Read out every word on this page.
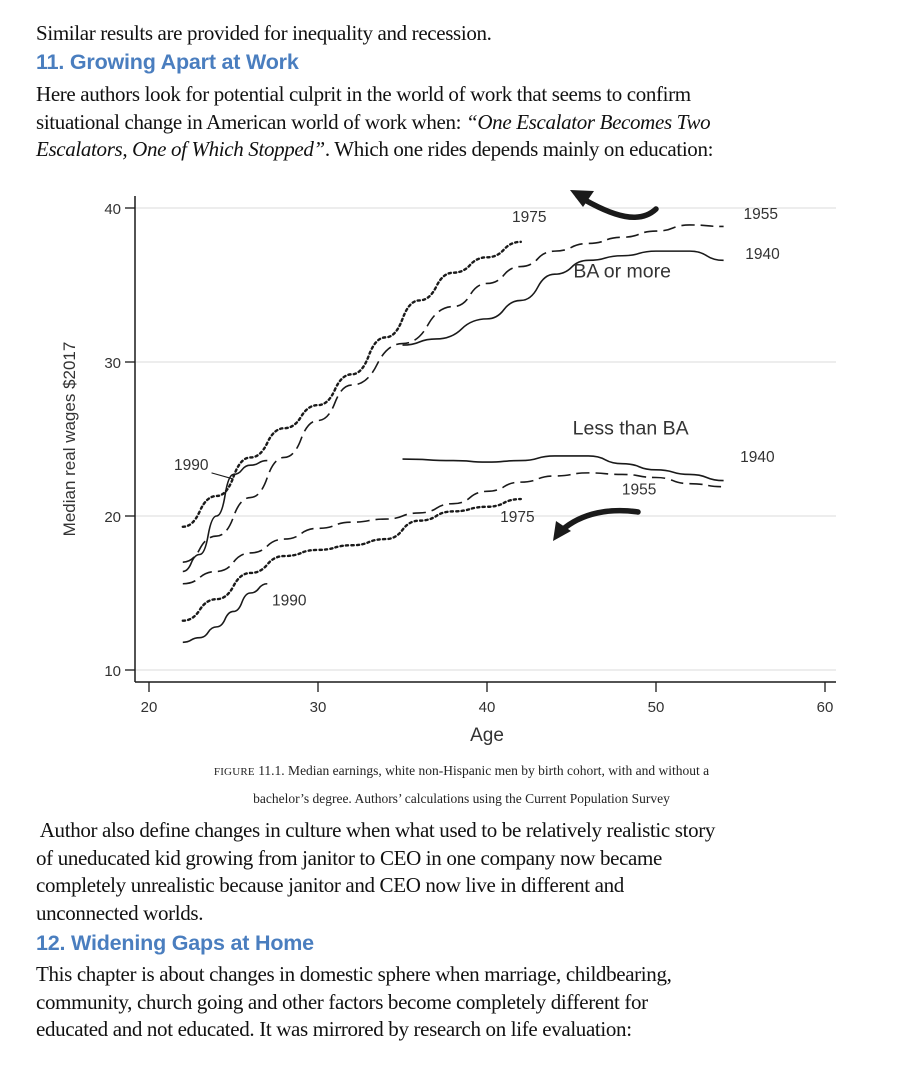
Similar results are provided for inequality and recession.
11. Growing Apart at Work
Here authors look for potential culprit in the world of work that seems to confirm
situational change in American world of work when: “One Escalator Becomes Two
Escalators, One of Which Stopped”. Which one rides depends mainly on education:
10
20
30
40
20	30	40	50	60
Age
Median real wages $2017
1975	1955
1940
1990	1940
1955
1975
1990
BA or more
Less than BA
FIGURE 11.1. Median earnings, white non-Hispanic men by birth cohort, with and without a
bachelor’s degree. Authors’ calculations using the Current Population Survey
Author also define changes in culture when what used to be relatively realistic story
of uneducated kid growing from janitor to CEO in one company now became
completely unrealistic because janitor and CEO now live in different and
unconnected worlds.
12. Widening Gaps at Home
This chapter is about changes in domestic sphere when marriage, childbearing,
community, church going and other factors become completely different for
educated and not educated. It was mirrored by research on life evaluation:
